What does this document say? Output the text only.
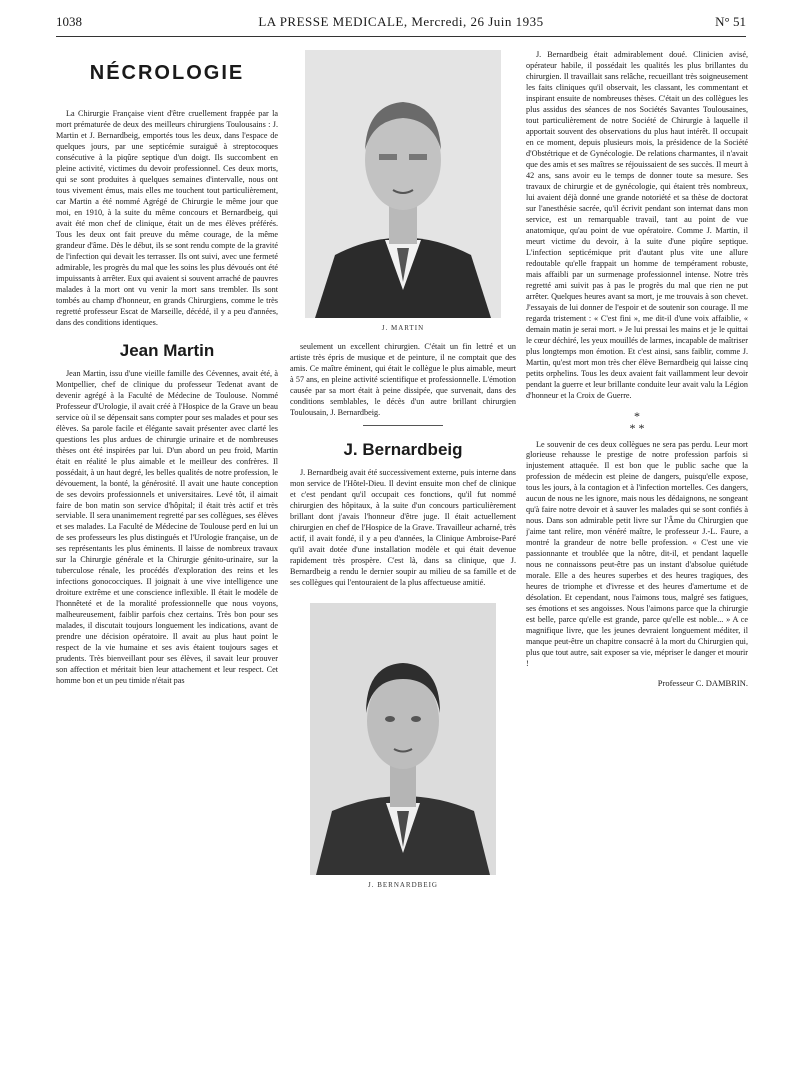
1038	LA PRESSE MEDICALE, Mercredi, 26 Juin 1935	N° 51
NÉCROLOGIE

La Chirurgie Française vient d'être cruellement frappée par la mort prématurée de deux des meilleurs chirurgiens Toulousains : J. Martin et J. Bernardbeig, emportés tous les deux, dans l'espace de quelques jours, par une septicémie suraiguë à streptocoques consécutive à la piqûre septique d'un doigt. Ils succombent en pleine activité, victimes du devoir professionnel. Ces deux morts, qui se sont produites à quelques semaines d'intervalle, nous ont tous vivement émus, mais elles me touchent tout particulièrement, car Martin a été nommé Agrégé de Chirurgie le même jour que moi, en 1910, à la suite du même concours et Bernardbeig, qui avait été mon chef de clinique, était un de mes élèves préférés. Tous les deux ont fait preuve du même courage, de la même grandeur d'âme. Dès le début, ils se sont rendu compte de la gravité de l'infection qui devait les terrasser. Ils ont suivi, avec une fermeté admirable, les progrès du mal que les soins les plus dévoués ont été impuissants à arrêter. Eux qui avaient si souvent arraché de pauvres malades à la mort ont vu venir la mort sans trembler. Ils sont tombés au champ d'honneur, en grands Chirurgiens, comme le très regretté professeur Escat de Marseille, décédé, il y a peu d'années, dans des conditions identiques.

Jean Martin

Jean Martin, issu d'une vieille famille des Cévennes, avait été, à Montpellier, chef de clinique du professeur Tedenat avant de devenir agrégé à la Faculté de Médecine de Toulouse. Nommé Professeur d'Urologie, il avait créé à l'Hospice de la Grave un beau service où il se dépensait sans compter pour ses malades et pour ses élèves. Sa parole facile et élégante savait présenter avec clarté les questions les plus ardues de chirurgie urinaire et de nombreuses thèses ont été inspirées par lui. D'un abord un peu froid, Martin était en réalité le plus aimable et le meilleur des confrères. Il possédait, à un haut degré, les belles qualités de notre profession, le dévouement, la bonté, la générosité. Il avait une haute conception de ses devoirs professionnels et universitaires. Levé tôt, il aimait faire de bon matin son service d'hôpital; il était très actif et très serviable. Il sera unanimement regretté par ses collègues, ses élèves et ses malades. La Faculté de Médecine de Toulouse perd en lui un de ses professeurs les plus distingués et l'Urologie française, un de ses représentants les plus éminents. Il laisse de nombreux travaux sur la Chirurgie générale et la Chirurgie génito-urinaire, sur la tuberculose rénale, les procédés d'exploration des reins et les infections gonococciques. Il joignait à une vive intelligence une droiture extrême et une conscience inflexible. Il était le modèle de l'honnêteté et de la moralité professionnelle que nous voyons, malheureusement, faiblir parfois chez certains. Très bon pour ses malades, il discutait toujours longuement les indications, avant de prendre une décision opératoire. Il avait au plus haut point le respect de la vie humaine et ses avis étaient toujours sages et prudents. Très bienveillant pour ses élèves, il savait leur prouver son affection et méritait bien leur attachement et leur respect. Cet homme bon et un peu timide n'était pas

J. MARTIN

seulement un excellent chirurgien. C'était un fin lettré et un artiste très épris de musique et de peinture, il ne comptait que des amis. Ce maître éminent, qui était le collègue le plus aimable, meurt à 57 ans, en pleine activité scientifique et professionnelle. L'émotion causée par sa mort était à peine dissipée, que survenait, dans des conditions semblables, le décès d'un autre brillant chirurgien Toulousain, J. Bernardbeig.

J. Bernardbeig

J. Bernardbeig avait été successivement externe, puis interne dans mon service de l'Hôtel-Dieu. Il devint ensuite mon chef de clinique et c'est pendant qu'il occupait ces fonctions, qu'il fut nommé chirurgien des hôpitaux, à la suite d'un concours particulièrement brillant dont j'avais l'honneur d'être juge. Il était actuellement chirurgien en chef de l'Hospice de la Grave. Travailleur acharné, très actif, il avait fondé, il y a peu d'années, la Clinique Ambroise-Paré qu'il avait dotée d'une installation modèle et qui était devenue rapidement très prospère. C'est là, dans sa clinique, que J. Bernardbeig a rendu le dernier soupir au milieu de sa famille et de ses collègues qui l'entouraient de la plus affectueuse amitié.

J. BERNARDBEIG

J. Bernardbeig était admirablement doué. Clinicien avisé, opérateur habile, il possédait les qualités les plus brillantes du chirurgien. Il travaillait sans relâche, recueillant très soigneusement les faits cliniques qu'il observait, les classant, les commentant et inspirant ensuite de nombreuses thèses. C'était un des collègues les plus assidus des séances de nos Sociétés Savantes Toulousaines, tout particulièrement de notre Société de Chirurgie à laquelle il apportait souvent des observations du plus haut intérêt. Il occupait en ce moment, depuis plusieurs mois, la présidence de la Société d'Obstétrique et de Gynécologie. De relations charmantes, il n'avait que des amis et ses maîtres se réjouissaient de ses succès. Il meurt à 42 ans, sans avoir eu le temps de donner toute sa mesure. Ses travaux de chirurgie et de gynécologie, qui étaient très nombreux, lui avaient déjà donné une grande notoriété et sa thèse de doctorat sur l'anesthésie sacrée, qu'il écrivit pendant son internat dans mon service, est un remarquable travail, tant au point de vue anatomique, qu'au point de vue opératoire. Comme J. Martin, il meurt victime du devoir, à la suite d'une piqûre septique. L'infection septicémique prit d'autant plus vite une allure redoutable qu'elle frappait un homme de tempérament robuste, mais affaibli par un surmenage professionnel intense. Notre très regretté ami suivit pas à pas le progrès du mal que rien ne put arrêter. Quelques heures avant sa mort, je me trouvais à son chevet. J'essayais de lui donner de l'espoir et de soutenir son courage. Il me regarda tristement : « C'est fini », me dit-il d'une voix affaiblie, « demain matin je serai mort. » Je lui pressai les mains et je le quittai le cœur déchiré, les yeux mouillés de larmes, incapable de maîtriser plus longtemps mon émotion. Et c'est ainsi, sans faiblir, comme J. Martin, qu'est mort mon très cher élève Bernardbeig qui laisse cinq petits orphelins. Tous les deux avaient fait vaillamment leur devoir pendant la guerre et leur brillante conduite leur avait valu la Légion d'honneur et la Croix de Guerre.

*
* *

Le souvenir de ces deux collègues ne sera pas perdu. Leur mort glorieuse rehausse le prestige de notre profession parfois si injustement attaquée. Il est bon que le public sache que la profession de médecin est pleine de dangers, puisqu'elle expose, tous les jours, à la contagion et à l'infection mortelles. Ces dangers, aucun de nous ne les ignore, mais nous les dédaignons, ne songeant qu'à faire notre devoir et à sauver les malades qui se sont confiés à nous. Dans son admirable petit livre sur l'Âme du Chirurgien que j'aime tant relire, mon vénéré maître, le professeur J.-L. Faure, a montré la grandeur de notre belle profession. « C'est une vie passionnante et troublée que la nôtre, dit-il, et pendant laquelle nous ne connaissons peut-être pas un instant d'absolue quiétude morale. Elle a des heures superbes et des heures tragiques, des heures de triomphe et d'ivresse et des heures d'amertume et de désolation. Et cependant, nous l'aimons tous, malgré ses fatigues, ses émotions et ses angoisses. Nous l'aimons parce que la chirurgie est belle, parce qu'elle est grande, parce qu'elle est noble... » A ce magnifique livre, que les jeunes devraient longuement méditer, il manque peut-être un chapitre consacré à la mort du Chirurgien qui, plus que tout autre, sait exposer sa vie, mépriser le danger et mourir !

Professeur C. DAMBRIN.
